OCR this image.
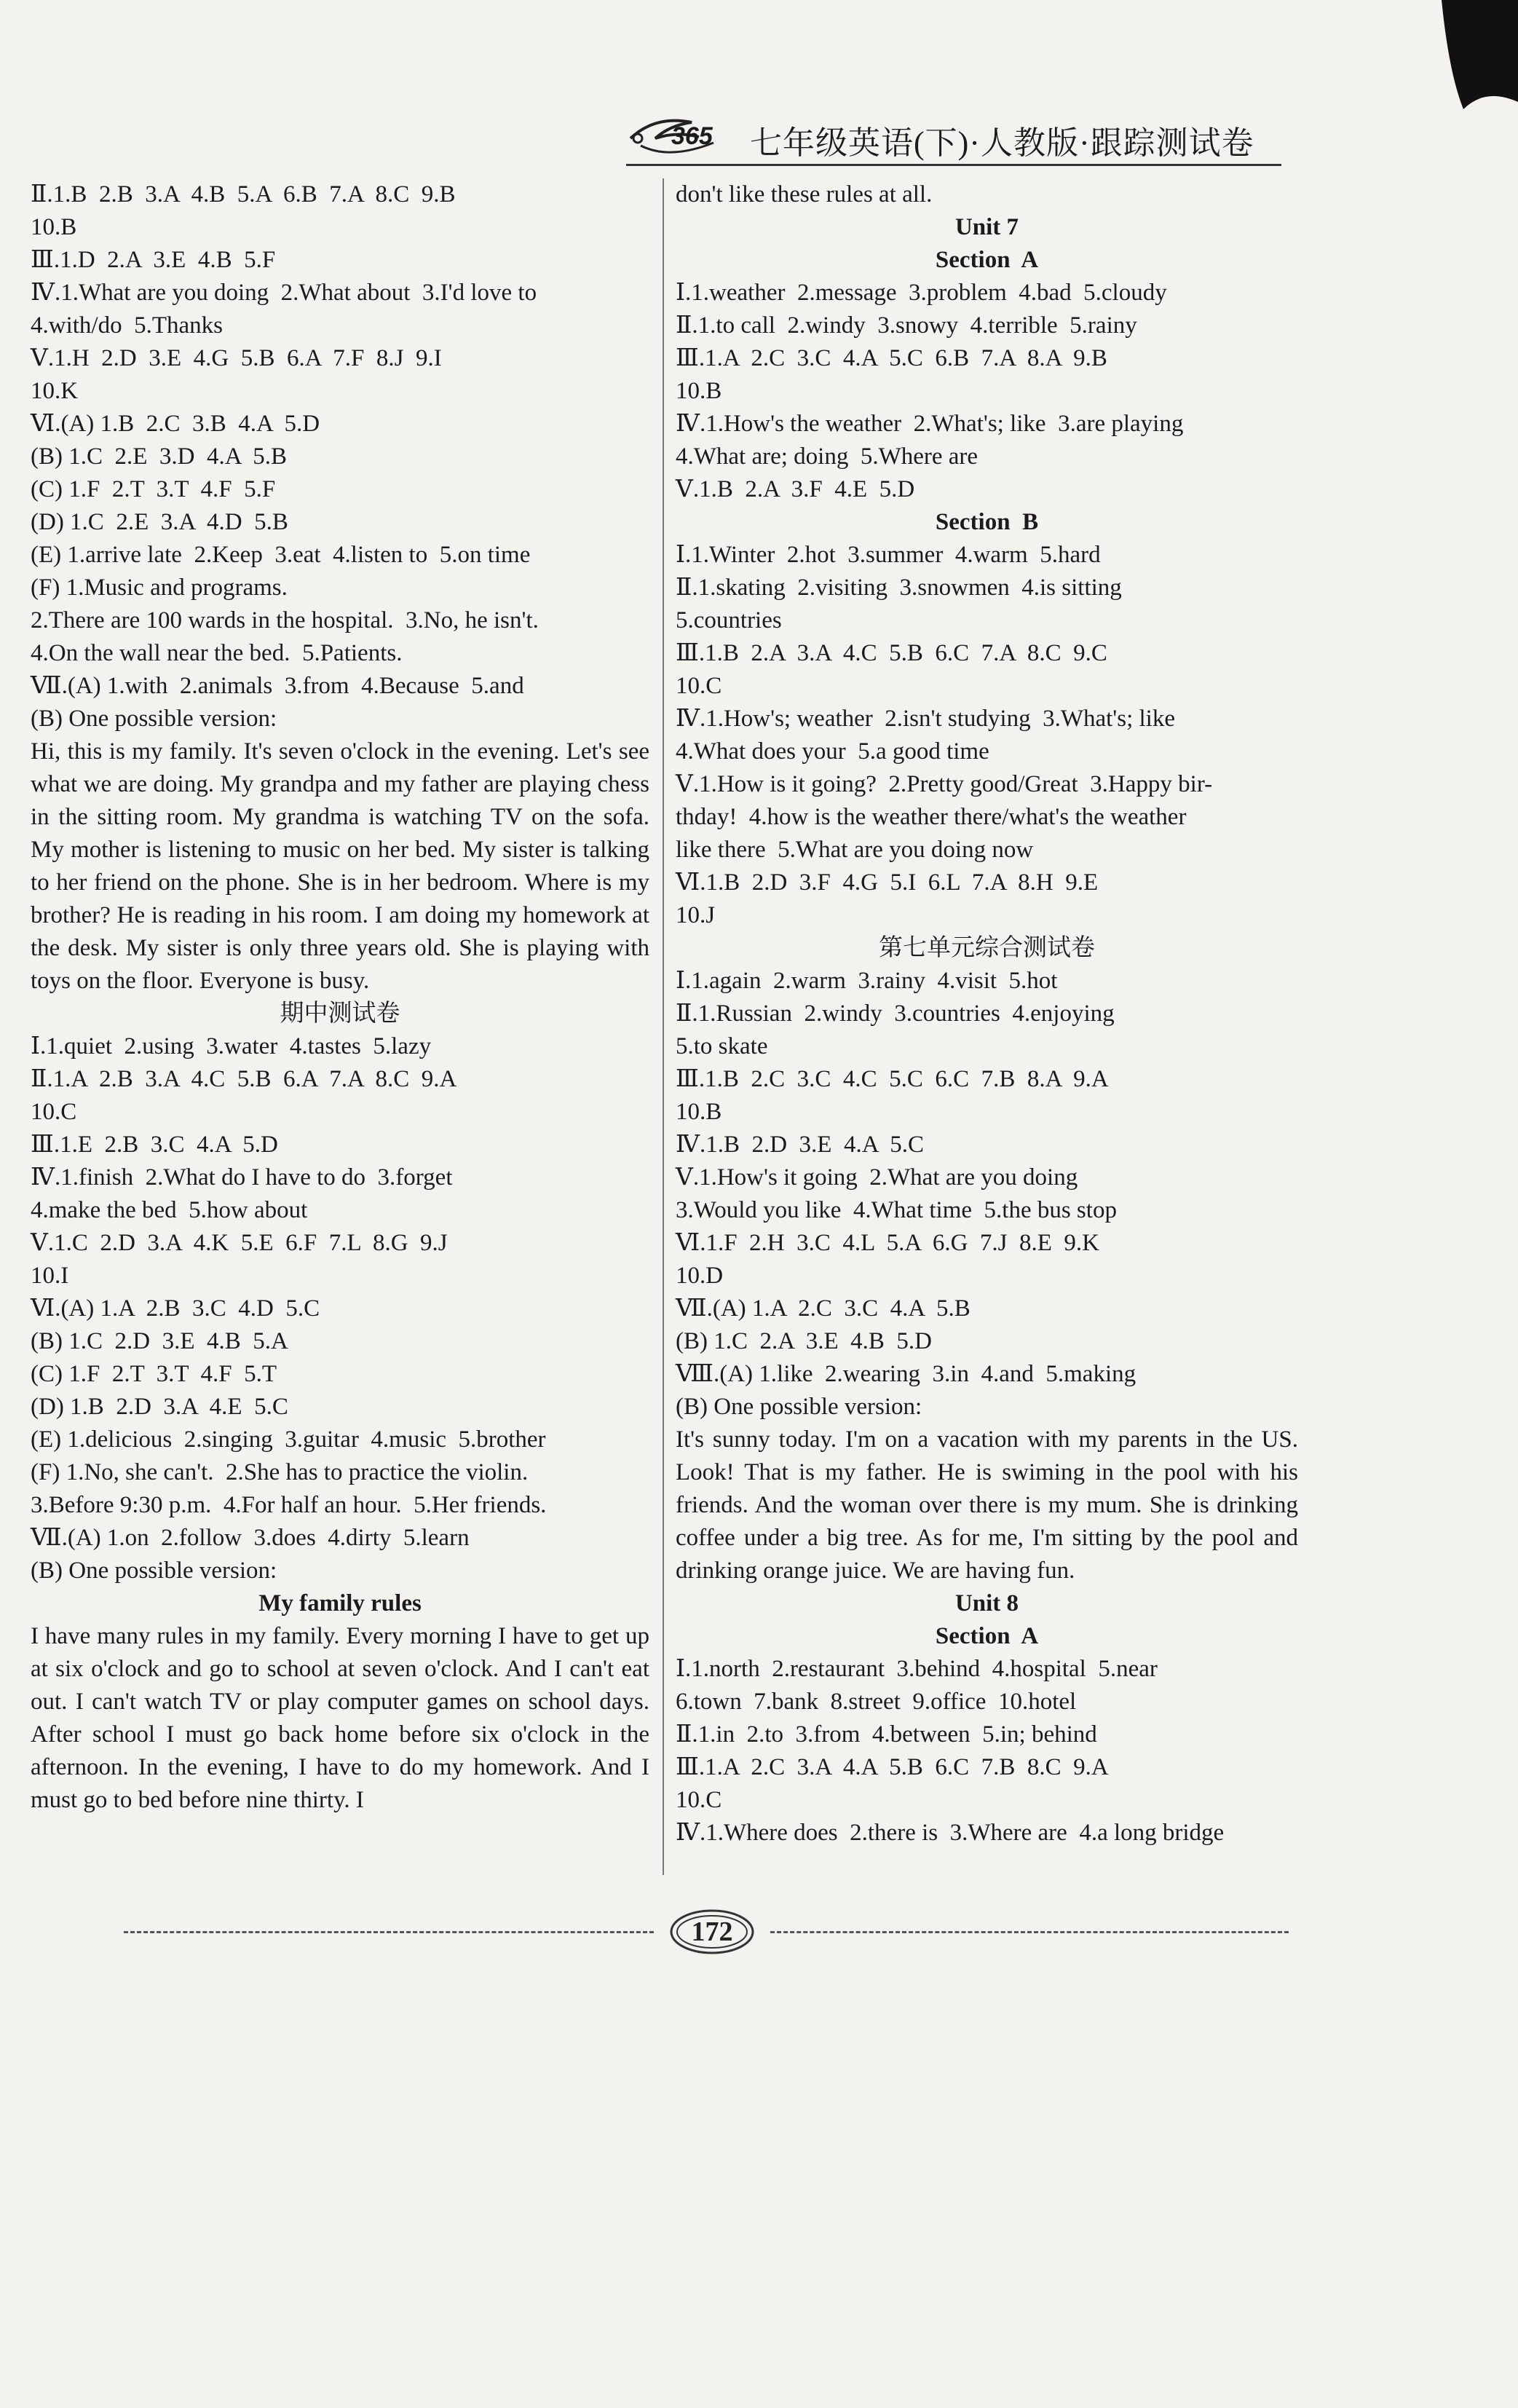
365 七年级英语(下)·人教版·跟踪测试卷
Ⅱ.1.B  2.B  3.A  4.B  5.A  6.B  7.A  8.C  9.B
10.B
Ⅲ.1.D  2.A  3.E  4.B  5.F
Ⅳ.1.What are you doing  2.What about  3.I'd love to
4.with/do  5.Thanks
Ⅴ.1.H  2.D  3.E  4.G  5.B  6.A  7.F  8.J  9.I
10.K
Ⅵ.(A) 1.B  2.C  3.B  4.A  5.D
(B) 1.C  2.E  3.D  4.A  5.B
(C) 1.F  2.T  3.T  4.F  5.F
(D) 1.C  2.E  3.A  4.D  5.B
(E) 1.arrive late  2.Keep  3.eat  4.listen to  5.on time
(F) 1.Music and programs.
2.There are 100 wards in the hospital.  3.No, he isn't.
4.On the wall near the bed.  5.Patients.
Ⅶ.(A) 1.with  2.animals  3.from  4.Because  5.and
(B) One possible version:
Hi, this is my family. It's seven o'clock in the evening. Let's see what we are doing. My grandpa and my father are playing chess in the sitting room. My grandma is watching TV on the sofa. My mother is listening to music on her bed. My sister is talking to her friend on the phone. She is in her bedroom. Where is my brother? He is reading in his room. I am doing my homework at the desk. My sister is only three years old. She is playing with toys on the floor. Everyone is busy.
期中测试卷
Ⅰ.1.quiet  2.using  3.water  4.tastes  5.lazy
Ⅱ.1.A  2.B  3.A  4.C  5.B  6.A  7.A  8.C  9.A
10.C
Ⅲ.1.E  2.B  3.C  4.A  5.D
Ⅳ.1.finish  2.What do I have to do  3.forget
4.make the bed  5.how about
Ⅴ.1.C  2.D  3.A  4.K  5.E  6.F  7.L  8.G  9.J
10.I
Ⅵ.(A) 1.A  2.B  3.C  4.D  5.C
(B) 1.C  2.D  3.E  4.B  5.A
(C) 1.F  2.T  3.T  4.F  5.T
(D) 1.B  2.D  3.A  4.E  5.C
(E) 1.delicious  2.singing  3.guitar  4.music  5.brother
(F) 1.No, she can't.  2.She has to practice the violin.
3.Before 9:30 p.m.  4.For half an hour.  5.Her friends.
Ⅶ.(A) 1.on  2.follow  3.does  4.dirty  5.learn
(B) One possible version:
My family rules
I have many rules in my family. Every morning I have to get up at six o'clock and go to school at seven o'clock. And I can't eat out. I can't watch TV or play computer games on school days. After school I must go back home before six o'clock in the afternoon. In the evening, I have to do my homework. And I must go to bed before nine thirty. I
don't like these rules at all.
Unit 7
Section  A
Ⅰ.1.weather  2.message  3.problem  4.bad  5.cloudy
Ⅱ.1.to call  2.windy  3.snowy  4.terrible  5.rainy
Ⅲ.1.A  2.C  3.C  4.A  5.C  6.B  7.A  8.A  9.B
10.B
Ⅳ.1.How's the weather  2.What's; like  3.are playing
4.What are; doing  5.Where are
Ⅴ.1.B  2.A  3.F  4.E  5.D
Section  B
Ⅰ.1.Winter  2.hot  3.summer  4.warm  5.hard
Ⅱ.1.skating  2.visiting  3.snowmen  4.is sitting
5.countries
Ⅲ.1.B  2.A  3.A  4.C  5.B  6.C  7.A  8.C  9.C
10.C
Ⅳ.1.How's; weather  2.isn't studying  3.What's; like
4.What does your  5.a good time
Ⅴ.1.How is it going?  2.Pretty good/Great  3.Happy bir-
thday!  4.how is the weather there/what's the weather
like there  5.What are you doing now
Ⅵ.1.B  2.D  3.F  4.G  5.I  6.L  7.A  8.H  9.E
10.J
第七单元综合测试卷
Ⅰ.1.again  2.warm  3.rainy  4.visit  5.hot
Ⅱ.1.Russian  2.windy  3.countries  4.enjoying
5.to skate
Ⅲ.1.B  2.C  3.C  4.C  5.C  6.C  7.B  8.A  9.A
10.B
Ⅳ.1.B  2.D  3.E  4.A  5.C
Ⅴ.1.How's it going  2.What are you doing
3.Would you like  4.What time  5.the bus stop
Ⅵ.1.F  2.H  3.C  4.L  5.A  6.G  7.J  8.E  9.K
10.D
Ⅶ.(A) 1.A  2.C  3.C  4.A  5.B
(B) 1.C  2.A  3.E  4.B  5.D
Ⅷ.(A) 1.like  2.wearing  3.in  4.and  5.making
(B) One possible version:
It's sunny today. I'm on a vacation with my parents in the US. Look! That is my father. He is swiming in the pool with his friends. And the woman over there is my mum. She is drinking coffee under a big tree. As for me, I'm sitting by the pool and drinking orange juice. We are having fun.
Unit 8
Section  A
Ⅰ.1.north  2.restaurant  3.behind  4.hospital  5.near
6.town  7.bank  8.street  9.office  10.hotel
Ⅱ.1.in  2.to  3.from  4.between  5.in; behind
Ⅲ.1.A  2.C  3.A  4.A  5.B  6.C  7.B  8.C  9.A
10.C
Ⅳ.1.Where does  2.there is  3.Where are  4.a long bridge
172
